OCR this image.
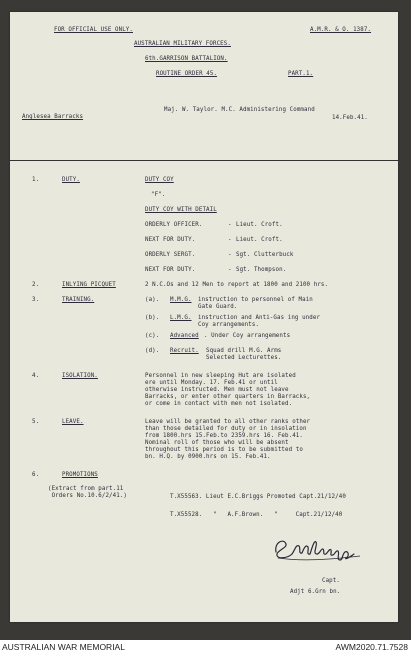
FOR OFFICIAL USE ONLY.	A.M.R. & O. 1387.
AUSTRALIAN MILITARY FORCES.
6th.GARRISON BATTALION.
ROUTINE ORDER 45.	PART.1.
Anglesea Barracks
Maj. W. Taylor. M.C. Administering Command
14.Feb.41.
1.	DUTY.	DUTY COY
"F".
DUTY COY WITH DETAIL
ORDERLY OFFICER.	- Lieut. Croft.
NEXT FOR DUTY.	- Lieut. Croft.
ORDERLY SERGT.	- Sgt. Clutterbuck
NEXT FOR DUTY.	- Sgt. Thompson.
2.	INLYING PICQUET	2 N.C.Os and 12 Men to report at 1800 and 2100 hrs.
3.	TRAINING.	(a). M.M.G. instruction to personnel of Main
Gate Guard.
(b). L.M.G. instruction and Anti-Gas ing under
Coy arrangements.
(c). Advanced . Under Coy arrangements
(d). Recruit. Squad drill M.G. Arms
Selected Lecturettes.
4.	ISOLATION.	Personnel in new sleeping Hut are isolated
ere until Monday. 17. Feb.41 or until
otherwise instructed. Men must not leave
Barracks, or enter other quarters in Barracks,
or come in contact with men not isolated.
5.	LEAVE.	Leave will be granted to all other ranks other
than those detailed for duty or in insolation
from 1800.hrs 15.Feb.to 2359.hrs 16. Feb.41.
Nominal roll of those who will be absent
throughout this period is to be submitted to
bn. H.Q. by 0900.hrs on 15. Feb.41.
6.	PROMOTIONS
(Extract from part.11
Orders No.10.6/2/41.)	T.X55563. Lieut E.C.Briggs Promoted Capt.21/12/40
T.X55528.   "   A.F.Brown.   "     Capt.21/12/40
Capt.
Adjt 6.Grn bn.
AUSTRALIAN WAR MEMORIAL	AWM2020.71.7528
